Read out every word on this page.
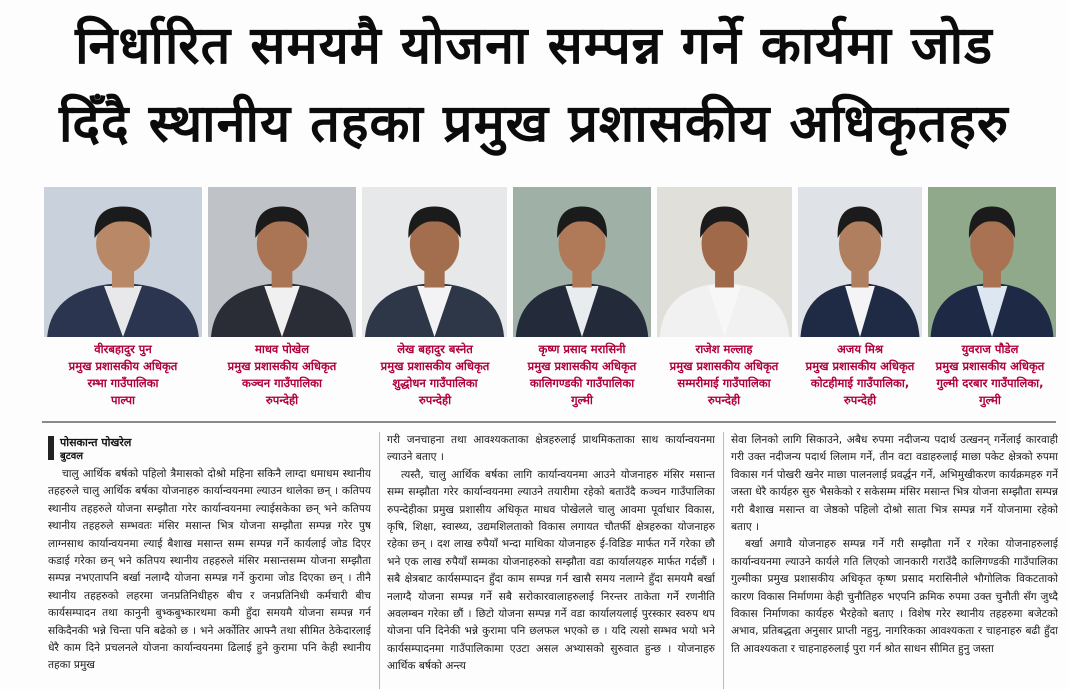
निर्धारित समयमै योजना सम्पन्न गर्ने कार्यमा जोड
दिँदै स्थानीय तहका प्रमुख प्रशासकीय अधिकृतहरु
वीरबहादुर पुन
प्रमुख प्रशासकीय अधिकृत
रम्भा गाउँपालिका
पाल्पा
माधव पोखेल
प्रमुख प्रशासकीय अधिकृत
कञ्चन गाउँपालिका
रुपन्देही
लेख बहादुर बस्नेत
प्रमुख प्रशासकीय अधिकृत
शुद्धोधन गाउँपालिका
रुपन्देही
कृष्ण प्रसाद मरासिनी
प्रमुख प्रशासकीय अधिकृत
कालिगण्डकी गाउँपालिका
गुल्मी
राजेश मल्लाह
प्रमुख प्रशासकीय अधिकृत
सम्मरीमाई गाउँपालिका
रुपन्देही
अजय मिश्र
प्रमुख प्रशासकीय अधिकृत
कोटहीमाई गाउँपालिका,
रुपन्देही
युवराज पौडेल
प्रमुख प्रशासकीय अधिकृत
गुल्मी दरबार गाउँपालिका,
गुल्मी
पोसकान्त पोखरेल
बुटवल

चालु आर्थिक बर्षको पहिलो त्रैमासको दोश्रो महिना सकिनै लाग्दा धमाधम स्थानीय तहहरुले चालु आर्थिक बर्षका योजनाहरु कार्यान्वयनमा ल्याउन थालेका छन् । कतिपय स्थानीय तहहरुले योजना सम्झौता गरेर कार्यान्वयनमा ल्याईसकेका छन् भने कतिपय स्थानीय तहहरुले सम्भवतः मंसिर मसान्त भित्र योजना सम्झौता सम्पन्न गरेर पुष लाग्नसाथ कार्यान्वयनमा ल्याई बैशाख मसान्त सम्म सम्पन्न गर्ने कार्यलाई जोड दिएर कडाई गरेका छन् भने कतिपय स्थानीय तहहरुले मंसिर मसान्तसम्म योजना सम्झौता सम्पन्न नभएतापनि बर्खा नलाग्दै योजना सम्पन्न गर्ने कुरामा जोड दिएका छन् । तीनै स्थानीय तहहरुको लहरमा जनप्रतिनिधीहरु बीच र जनप्रतिनिधी कर्मचारी बीच कार्यसम्पादन तथा कानुनी बुभ्कबुभ्कारथमा कमी हुँदा समयमै योजना सम्पन्न गर्न सकिदैनकी भन्ने चिन्ता पनि बढेको छ । भने अर्कोतिर आफ्नै तथा सीमित ठेकेदारलाई धेरै काम दिने प्रचलनले योजना कार्यान्वयनमा ढिलाई हुने कुरामा पनि केही स्थानीय तहका प्रमुख

गरी जनचाहना तथा आवश्यकताका क्षेत्रहरुलाई प्राथमिकताका साथ कार्यान्वयनमा ल्याउने बताए ।

त्यस्तै, चालु आर्थिक बर्षका लागि कार्यान्वयनमा आउने योजनाहरु मंसिर मसान्त सम्म सम्झौता गरेर कार्यान्वयनमा ल्याउने तयारीमा रहेको बताउँदै कञ्चन गाउँपालिका रुपन्देहीका प्रमुख प्रशासीय अधिकृत माधव पोखेलले चालु आवमा पूर्वाधार विकास, कृषि, शिक्षा, स्वास्थ्य, उद्यमशिलताको विकास लगायत चौतर्फी क्षेत्रहरुका योजनाहरु रहेका छन् । दश लाख रुपैयाँ भन्दा माथिका योजनाहरु ई-विडिङ मार्फत गर्ने गरेका छौ भने एक लाख रुपैयाँ सम्मका योजनाहरुको सम्झौता वडा कार्यालयहरु मार्फत गर्दछौं । सबै क्षेत्रबाट कार्यसम्पादन हुँदा काम सम्पन्न गर्न खासै समय नलाग्ने हुँदा समयमै बर्खा नलाग्दै योजना सम्पन्न गर्ने सबै सरोकारवालाहरुलाई निरन्तर ताकेता गर्ने रणनीति अवलम्बन गरेका छौं । छिटो योजना सम्पन्न गर्ने वडा कार्यालयलाई पुरस्कार स्वरुप थप योजना पनि दिनेकी भन्ने कुरामा पनि छलफल भएको छ । यदि त्यसो सम्भव भयो भने कार्यसम्पादनमा गाउँपालिकामा एउटा असल अभ्यासको सुरुवात हुन्छ । योजनाहरु आर्थिक बर्षको अन्त्य

सेवा लिनको लागि सिकाउने, अबैध रुपमा नदीजन्य पदार्थ उत्खनन् गर्नेलाई कारवाही गरी उक्त नदीजन्य पदार्थ लिलाम गर्ने, तीन वटा वडाहरुलाई माछा पकेट क्षेत्रको रुपमा विकास गर्न पोखरी खनेर माछा पालनलाई प्रवर्द्धन गर्ने, अभिमुखीकरण कार्यक्रमहरु गर्ने जस्ता धेरै कार्यहरु सुरु भैसकेको र सकेसम्म मंसिर मसान्त भित्र योजना सम्झौता सम्पन्न गरी बैशाख मसान्त वा जेष्ठको पहिलो दोश्रो साता भित्र सम्पन्न गर्ने योजनामा रहेको बताए ।

बर्खा अगावै योजनाहरु सम्पन्न गर्ने गरी सम्झौता गर्ने र गरेका योजनाहरुलाई कार्यान्वयनमा ल्याउने कार्यले गति लिएको जानकारी गराउँदै कालिगण्डकी गाउँपालिका गुल्मीका प्रमुख प्रशासकीय अधिकृत कृष्ण प्रसाद मरासिनीले भौगोलिक विकटताको कारण विकास निर्माणमा केही चुनौतिहरु भएपनि क्रमिक रुपमा उक्त चुनौती सँग जुध्दै विकास निर्माणका कार्यहरु भैरहेको बताए । विशेष गरेर स्थानीय तहहरुमा बजेटको अभाव, प्रतिबद्धता अनुसार प्राप्ती नहुनु, नागरिकका आवश्यकता र चाहनाहरु बढी हुँदा ति आवश्यकता र चाहनाहरुलाई पुरा गर्न श्रोत साधन सीमित हुनु जस्ता
